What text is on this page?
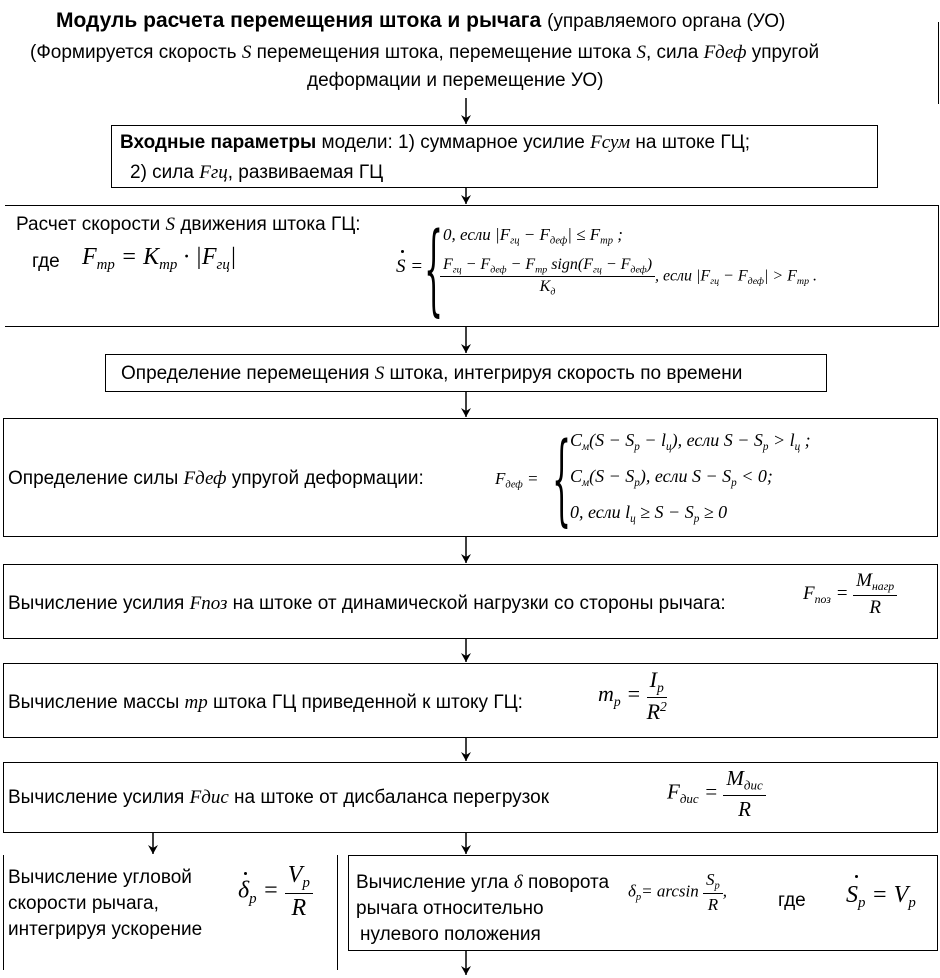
Модуль расчета перемещения штока и рычага (управляемого органа (УО)
(Формируется скорость S перемещения штока, перемещение штока S, сила Fдеф упругой
деформации и перемещение УО)
Входные параметры модели: 1) суммарное усилие Fсум на штоке ГЦ;
2) сила Fгц, развиваемая ГЦ
Расчет скорости S движения штока ГЦ:
где $F_{mp} = K_{mp} \cdot |F_{гц}|$	S = { 0, если $|F_{гц} - F_{деф}| \le F_{mp}$ ;
$\frac{F_{гц} - F_{деф} - F_{mp} sign(F_{гц} - F_{деф})}{K_д}$ , если $|F_{гц} - F_{деф}| > F_{mp}$ .
Определение перемещения S штока, интегрируя скорость по времени
Определение силы Fдеф упругой деформации:	$F_{деф}$ = {
$C_м(S - S_р - l_ц)$, если $S - S_р > l_ц$ ;
$C_м(S - S_р)$, если $S - S_р < 0$;
0, если $l_ц \ge S - S_р \ge 0$
Вычисление усилия Fпоз на штоке от динамической нагрузки со стороны рычага:	$F_{поз} = \frac{M_{нагр}}{R}$
Вычисление массы mр штока ГЦ приведенной к штоку ГЦ:	$m_р = \frac{I_р}{R^2}$
Вычисление усилия Fдис на штоке от дисбаланса перегрузок	$F_{дис} = \frac{M_{дис}}{R}$
Вычисление угловой
скорости рычага,
интегрируя ускорение
$\delta_р = \frac{V_р}{R}$ Вычисление угла δ поворота
рычага относительно
нулевого положения
$\delta_р= \arcsin \frac{S_p}{R}$ ,	где $S_р = V_р$
